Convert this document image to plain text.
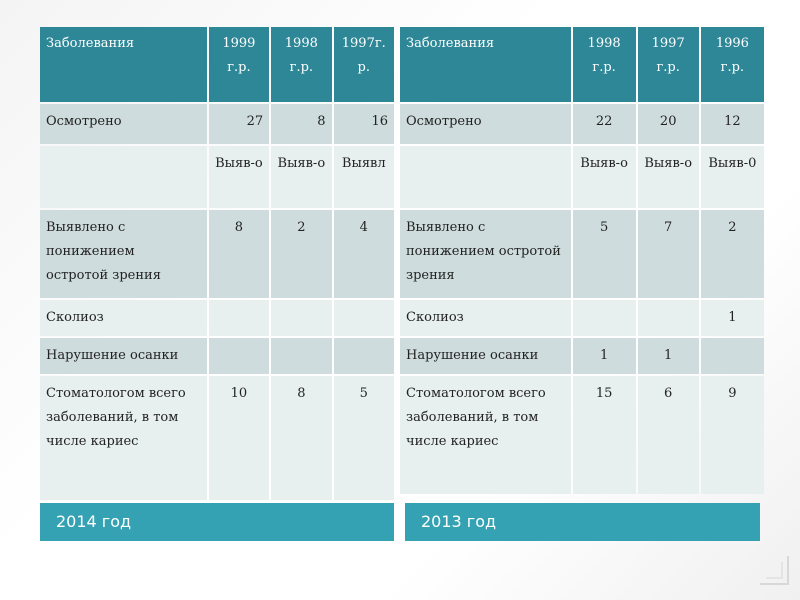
Заболевания	1999 г.р.	1998 г.р.	1997г. р.
Осмотрено	27	8	16
	Выяв-о	Выяв-о	Выявл
Выявлено с понижением остротой зрения	8	2	4
Сколиоз			
Нарушение осанки			
Стоматологом всего заболеваний, в том числе кариес	10	8	5
Заболевания	1998 г.р.	1997 г.р.	1996 г.р.
Осмотрено	22	20	12
	Выяв-о	Выяв-о	Выяв-0
Выявлено с понижением остротой зрения	5	7	2
Сколиоз			1
Нарушение осанки	1	1	
Стоматологом всего заболеваний, в том числе кариес	15	6	9
2014 год	2013 год
